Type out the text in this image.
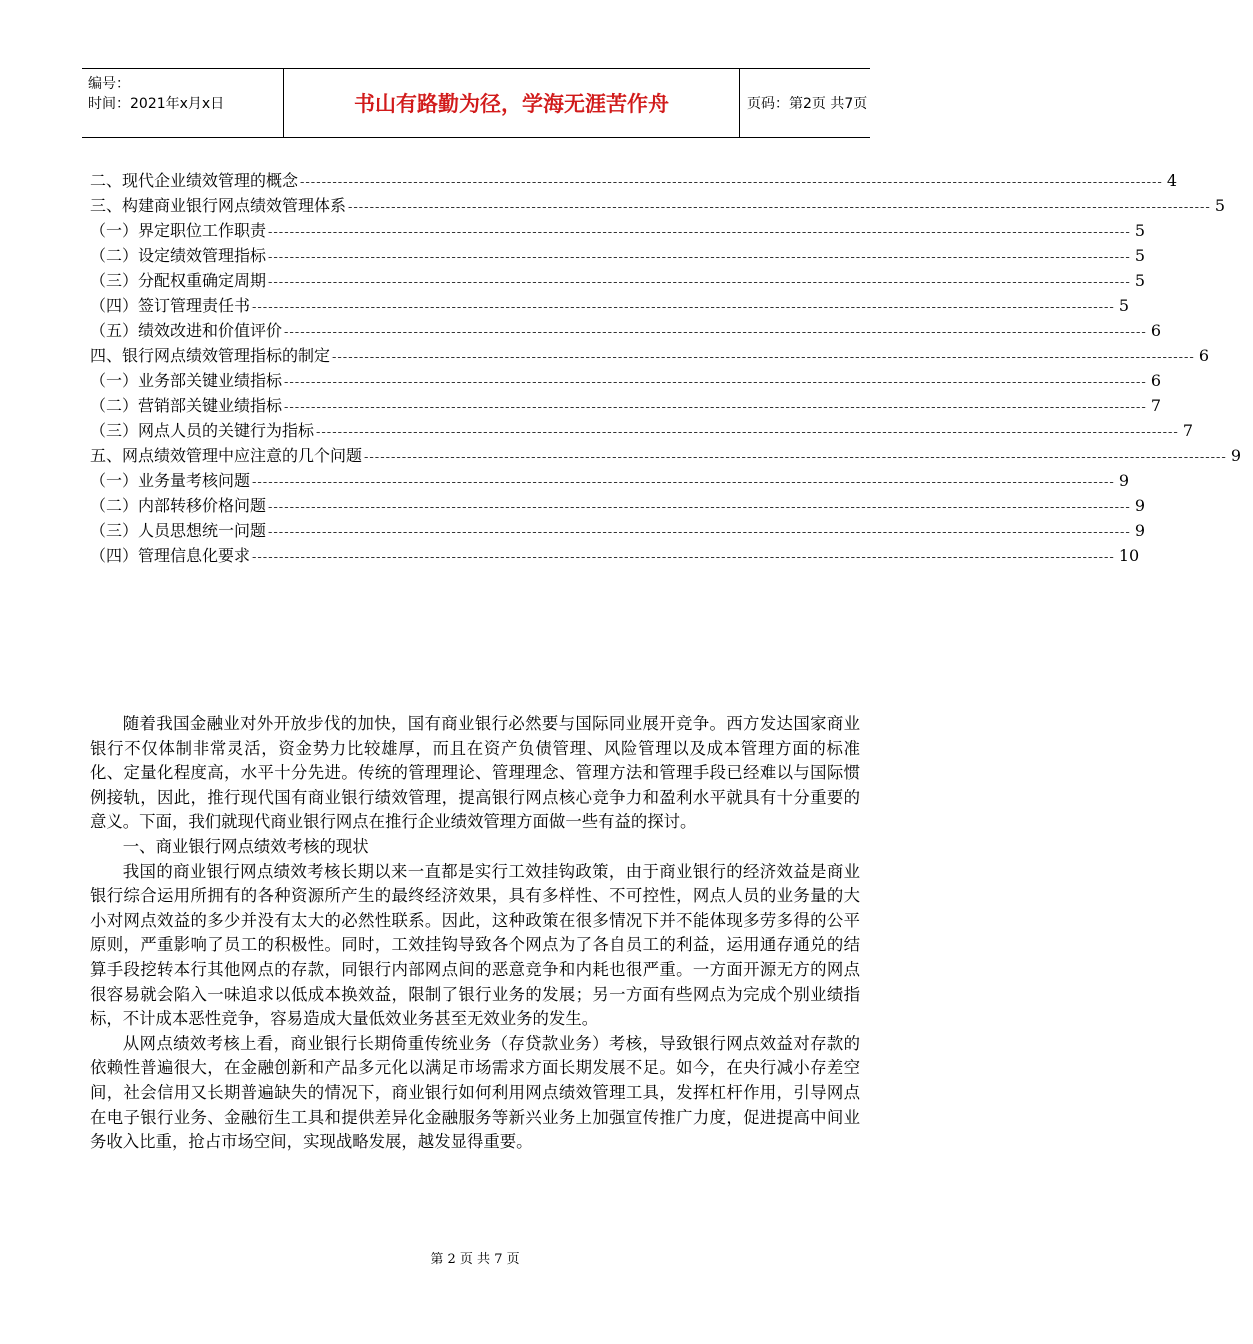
编号：
时间：2021年x月x日	书山有路勤为径，学海无涯苦作舟	页码：第2页 共7页
二、现代企业绩效管理的概念 ---------------------------------------------------------------------------------------------------------------------------------------------------------------- 4
三、构建商业银行网点绩效管理体系 ---------------------------------------------------------------------------------------------------------------------------------------------------------------- 5
（一）界定职位工作职责 ---------------------------------------------------------------------------------------------------------------------------------------------------------------- 5
（二）设定绩效管理指标 ---------------------------------------------------------------------------------------------------------------------------------------------------------------- 5
（三）分配权重确定周期 ---------------------------------------------------------------------------------------------------------------------------------------------------------------- 5
（四）签订管理责任书 ---------------------------------------------------------------------------------------------------------------------------------------------------------------- 5
（五）绩效改进和价值评价 ---------------------------------------------------------------------------------------------------------------------------------------------------------------- 6
四、银行网点绩效管理指标的制定 ---------------------------------------------------------------------------------------------------------------------------------------------------------------- 6
（一）业务部关键业绩指标 ---------------------------------------------------------------------------------------------------------------------------------------------------------------- 6
（二）营销部关键业绩指标 ---------------------------------------------------------------------------------------------------------------------------------------------------------------- 7
（三）网点人员的关键行为指标 ---------------------------------------------------------------------------------------------------------------------------------------------------------------- 7
五、网点绩效管理中应注意的几个问题 ---------------------------------------------------------------------------------------------------------------------------------------------------------------- 9
（一）业务量考核问题 ---------------------------------------------------------------------------------------------------------------------------------------------------------------- 9
（二）内部转移价格问题 ---------------------------------------------------------------------------------------------------------------------------------------------------------------- 9
（三）人员思想统一问题 ---------------------------------------------------------------------------------------------------------------------------------------------------------------- 9
（四）管理信息化要求 ---------------------------------------------------------------------------------------------------------------------------------------------------------------- 10

随着我国金融业对外开放步伐的加快，国有商业银行必然要与国际同业展开竞争。西方发达国家商业银行不仅体制非常灵活，资金势力比较雄厚，而且在资产负债管理、风险管理以及成本管理方面的标准化、定量化程度高，水平十分先进。传统的管理理论、管理理念、管理方法和管理手段已经难以与国际惯例接轨，因此，推行现代国有商业银行绩效管理，提高银行网点核心竞争力和盈利水平就具有十分重要的意义。下面，我们就现代商业银行网点在推行企业绩效管理方面做一些有益的探讨。

一、商业银行网点绩效考核的现状

我国的商业银行网点绩效考核长期以来一直都是实行工效挂钩政策，由于商业银行的经济效益是商业银行综合运用所拥有的各种资源所产生的最终经济效果，具有多样性、不可控性，网点人员的业务量的大小对网点效益的多少并没有太大的必然性联系。因此，这种政策在很多情况下并不能体现多劳多得的公平原则，严重影响了员工的积极性。同时，工效挂钩导致各个网点为了各自员工的利益，运用通存通兑的结算手段挖转本行其他网点的存款，同银行内部网点间的恶意竞争和内耗也很严重。一方面开源无方的网点很容易就会陷入一味追求以低成本换效益，限制了银行业务的发展；另一方面有些网点为完成个别业绩指标，不计成本恶性竞争，容易造成大量低效业务甚至无效业务的发生。

从网点绩效考核上看，商业银行长期倚重传统业务（存贷款业务）考核，导致银行网点效益对存款的依赖性普遍很大，在金融创新和产品多元化以满足市场需求方面长期发展不足。如今，在央行减小存差空间，社会信用又长期普遍缺失的情况下，商业银行如何利用网点绩效管理工具，发挥杠杆作用，引导网点在电子银行业务、金融衍生工具和提供差异化金融服务等新兴业务上加强宣传推广力度，促进提高中间业务收入比重，抢占市场空间，实现战略发展，越发显得重要。

第 2 页 共 7 页
